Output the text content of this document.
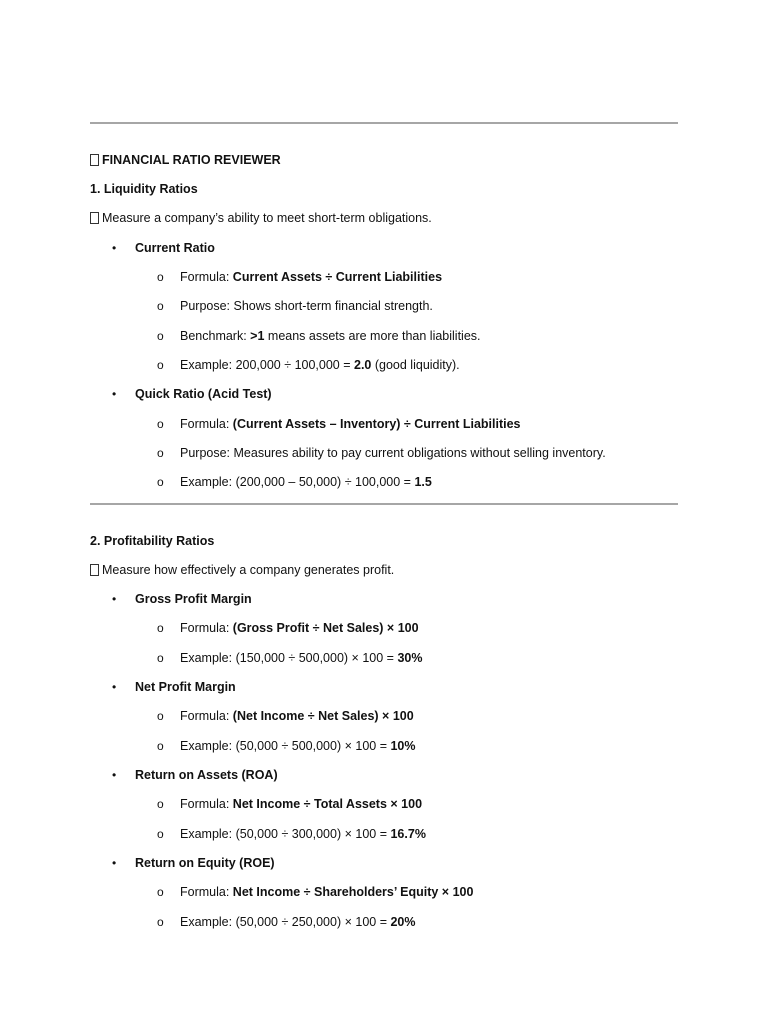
FINANCIAL RATIO REVIEWER
1. Liquidity Ratios
Measure a company’s ability to meet short-term obligations.
• Current Ratio
o Formula: Current Assets ÷ Current Liabilities
o Purpose: Shows short-term financial strength.
o Benchmark: >1 means assets are more than liabilities.
o Example: 200,000 ÷ 100,000 = 2.0 (good liquidity).
• Quick Ratio (Acid Test)
o Formula: (Current Assets – Inventory) ÷ Current Liabilities
o Purpose: Measures ability to pay current obligations without selling inventory.
o Example: (200,000 – 50,000) ÷ 100,000 = 1.5
2. Profitability Ratios
Measure how effectively a company generates profit.
• Gross Profit Margin
o Formula: (Gross Profit ÷ Net Sales) × 100
o Example: (150,000 ÷ 500,000) × 100 = 30%
• Net Profit Margin
o Formula: (Net Income ÷ Net Sales) × 100
o Example: (50,000 ÷ 500,000) × 100 = 10%
• Return on Assets (ROA)
o Formula: Net Income ÷ Total Assets × 100
o Example: (50,000 ÷ 300,000) × 100 = 16.7%
• Return on Equity (ROE)
o Formula: Net Income ÷ Shareholders’ Equity × 100
o Example: (50,000 ÷ 250,000) × 100 = 20%
